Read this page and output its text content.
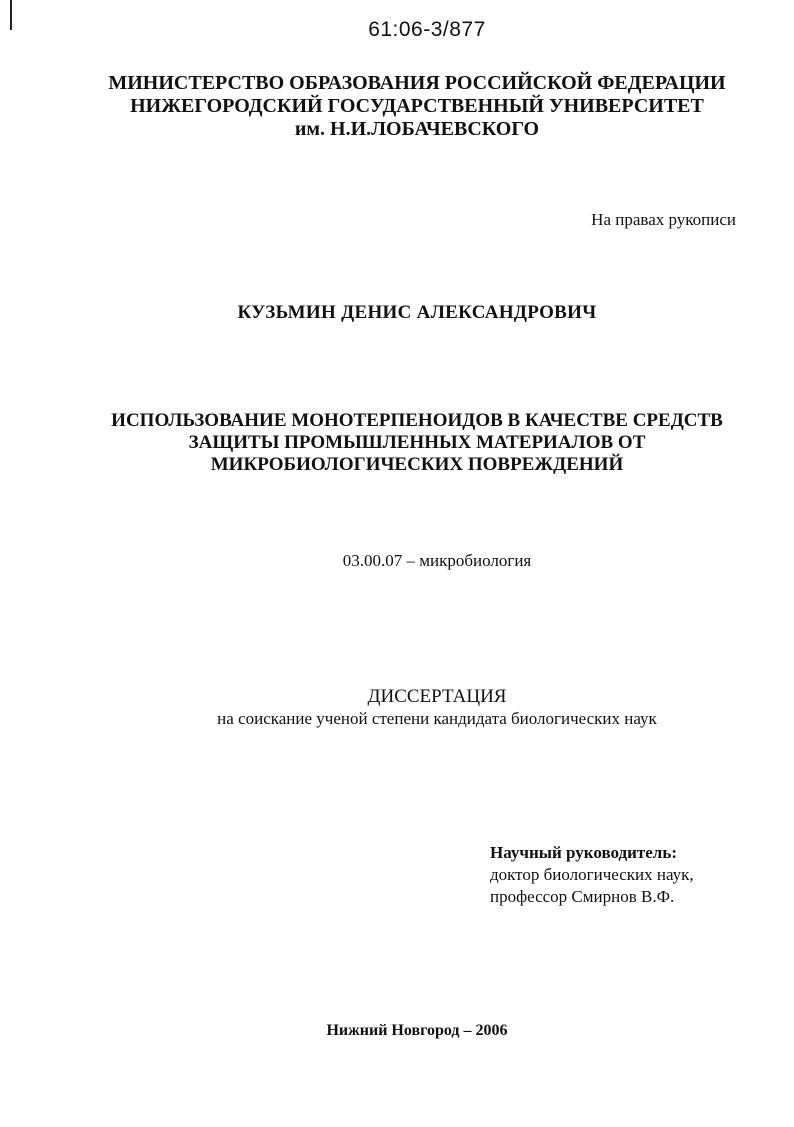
61:06-3/877
МИНИСТЕРСТВО ОБРАЗОВАНИЯ РОССИЙСКОЙ ФЕДЕРАЦИИ
НИЖЕГОРОДСКИЙ ГОСУДАРСТВЕННЫЙ УНИВЕРСИТЕТ
им. Н.И.ЛОБАЧЕВСКОГО
На правах рукописи
КУЗЬМИН ДЕНИС АЛЕКСАНДРОВИЧ
ИСПОЛЬЗОВАНИЕ МОНОТЕРПЕНОИДОВ В КАЧЕСТВЕ СРЕДСТВ
ЗАЩИТЫ ПРОМЫШЛЕННЫХ МАТЕРИАЛОВ ОТ
МИКРОБИОЛОГИЧЕСКИХ ПОВРЕЖДЕНИЙ
03.00.07 – микробиология
ДИССЕРТАЦИЯ
на соискание ученой степени кандидата биологических наук
Научный руководитель:
доктор биологических наук,
профессор Смирнов В.Ф.
Нижний Новгород – 2006
